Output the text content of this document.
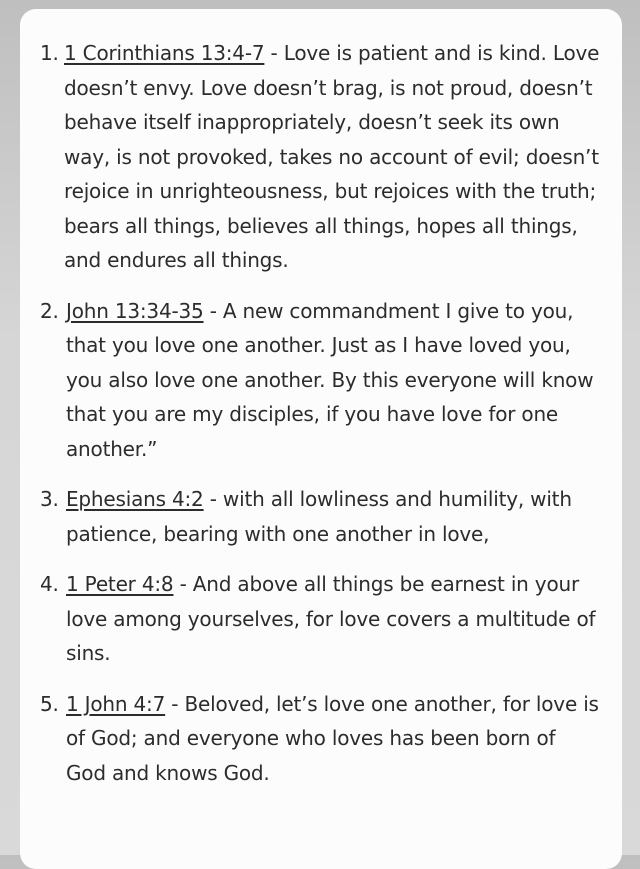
1. 1 Corinthians 13:4-7 - Love is patient and is kind. Love doesn’t envy. Love doesn’t brag, is not proud, doesn’t behave itself inappropriately, doesn’t seek its own way, is not provoked, takes no account of evil; doesn’t rejoice in unrighteousness, but rejoices with the truth; bears all things, believes all things, hopes all things, and endures all things.
2. John 13:34-35 - A new commandment I give to you, that you love one another. Just as I have loved you, you also love one another. By this everyone will know that you are my disciples, if you have love for one another.”
3. Ephesians 4:2 - with all lowliness and humility, with patience, bearing with one another in love,
4. 1 Peter 4:8 - And above all things be earnest in your love among yourselves, for love covers a multitude of sins.
5. 1 John 4:7 - Beloved, let’s love one another, for love is of God; and everyone who loves has been born of God and knows God.
